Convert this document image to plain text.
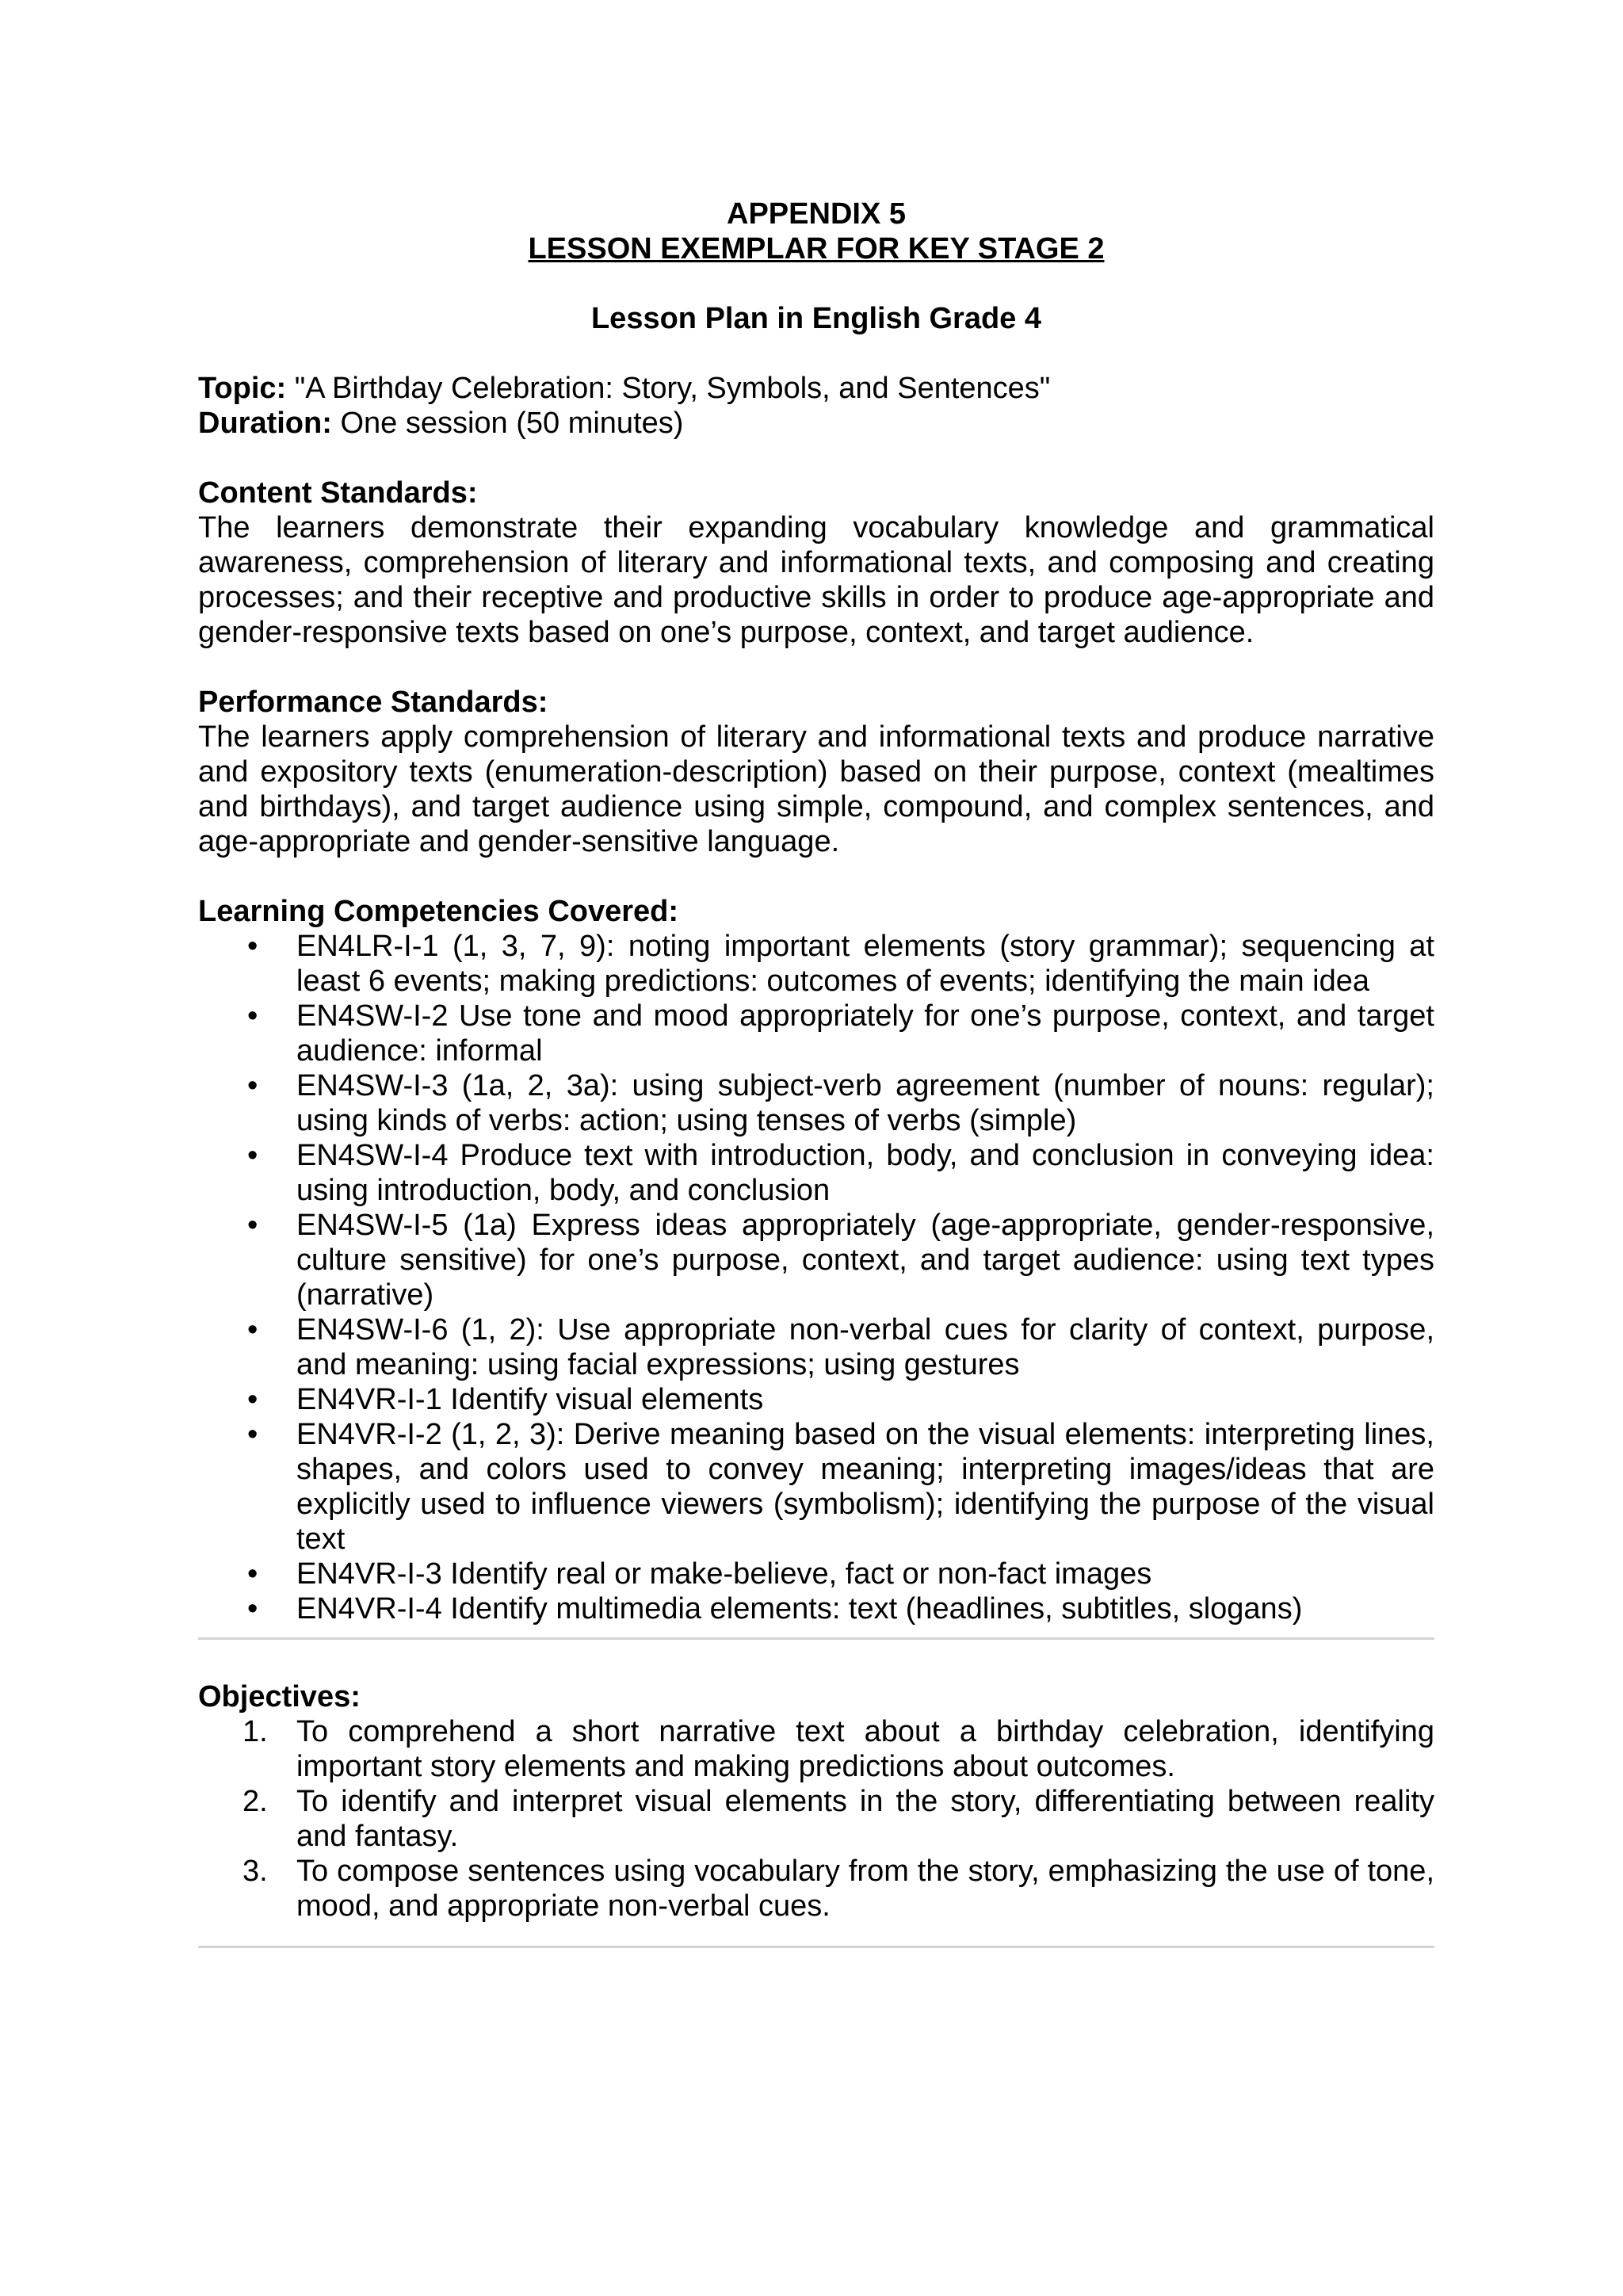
APPENDIX 5

LESSON EXEMPLAR FOR KEY STAGE 2

Lesson Plan in English Grade 4

Topic: "A Birthday Celebration: Story, Symbols, and Sentences"

Duration: One session (50 minutes)

Content Standards:

The learners demonstrate their expanding vocabulary knowledge and grammatical awareness, comprehension of literary and informational texts, and composing and creating processes; and their receptive and productive skills in order to produce age-appropriate and gender-responsive texts based on one’s purpose, context, and target audience.

Performance Standards:

The learners apply comprehension of literary and informational texts and produce narrative and expository texts (enumeration-description) based on their purpose, context (mealtimes and birthdays), and target audience using simple, compound, and complex sentences, and age-appropriate and gender-sensitive language.

Learning Competencies Covered:

•	EN4LR-I-1 (1, 3, 7, 9): noting important elements (story grammar); sequencing at least 6 events; making predictions: outcomes of events; identifying the main idea
•	EN4SW-I-2 Use tone and mood appropriately for one’s purpose, context, and target audience: informal
•	EN4SW-I-3 (1a, 2, 3a): using subject-verb agreement (number of nouns: regular); using kinds of verbs: action; using tenses of verbs (simple)
•	EN4SW-I-4 Produce text with introduction, body, and conclusion in conveying idea: using introduction, body, and conclusion
•	EN4SW-I-5 (1a) Express ideas appropriately (age-appropriate, gender-responsive, culture sensitive) for one’s purpose, context, and target audience: using text types (narrative)
•	EN4SW-I-6 (1, 2): Use appropriate non-verbal cues for clarity of context, purpose, and meaning: using facial expressions; using gestures
•	EN4VR-I-1 Identify visual elements
•	EN4VR-I-2 (1, 2, 3): Derive meaning based on the visual elements: interpreting lines, shapes, and colors used to convey meaning; interpreting images/ideas that are explicitly used to influence viewers (symbolism); identifying the purpose of the visual text
•	EN4VR-I-3 Identify real or make-believe, fact or non-fact images
•	EN4VR-I-4 Identify multimedia elements: text (headlines, subtitles, slogans)

Objectives:

1. To comprehend a short narrative text about a birthday celebration, identifying important story elements and making predictions about outcomes.
2. To identify and interpret visual elements in the story, differentiating between reality and fantasy.
3. To compose sentences using vocabulary from the story, emphasizing the use of tone, mood, and appropriate non-verbal cues.
